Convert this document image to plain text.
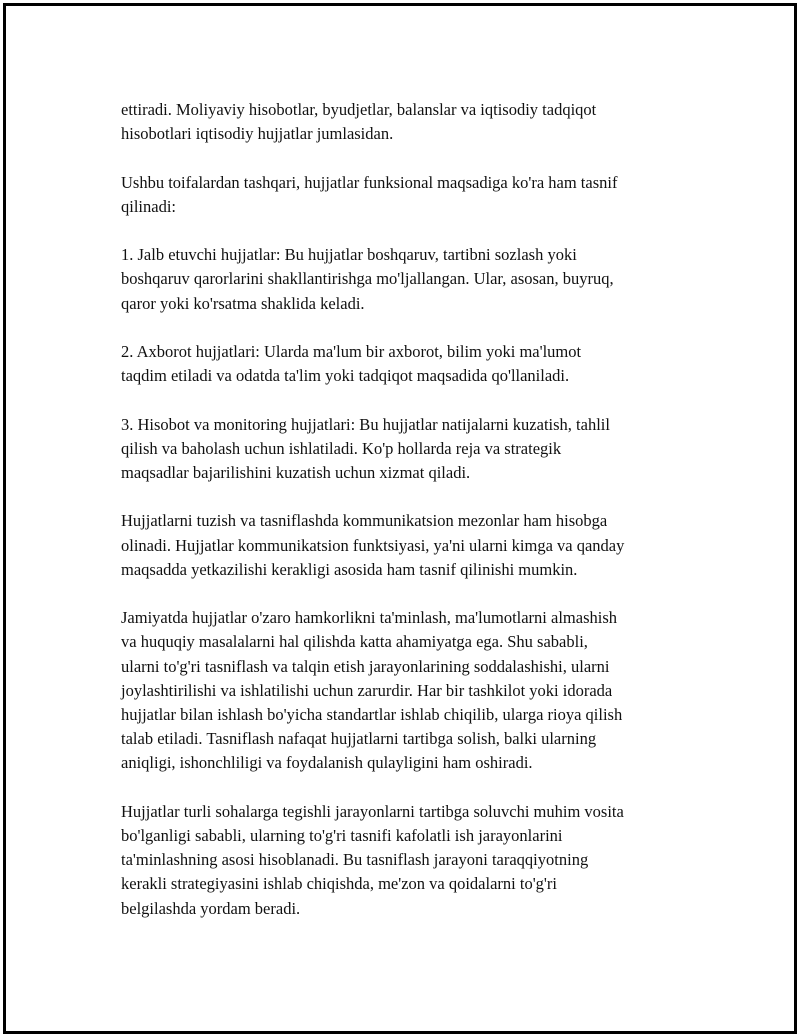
ettiradi. Moliyaviy hisobotlar, byudjetlar, balanslar va iqtisodiy tadqiqot
hisobotlari iqtisodiy hujjatlar jumlasidan.

Ushbu toifalardan tashqari, hujjatlar funksional maqsadiga ko'ra ham tasnif
qilinadi:

1. Jalb etuvchi hujjatlar: Bu hujjatlar boshqaruv, tartibni sozlash yoki
boshqaruv qarorlarini shakllantirishga mo'ljallangan. Ular, asosan, buyruq,
qaror yoki ko'rsatma shaklida keladi.

2. Axborot hujjatlari: Ularda ma'lum bir axborot, bilim yoki ma'lumot
taqdim etiladi va odatda ta'lim yoki tadqiqot maqsadida qo'llaniladi.

3. Hisobot va monitoring hujjatlari: Bu hujjatlar natijalarni kuzatish, tahlil
qilish va baholash uchun ishlatiladi. Ko'p hollarda reja va strategik
maqsadlar bajarilishini kuzatish uchun xizmat qiladi.

Hujjatlarni tuzish va tasniflashda kommunikatsion mezonlar ham hisobga
olinadi. Hujjatlar kommunikatsion funktsiyasi, ya'ni ularni kimga va qanday
maqsadda yetkazilishi kerakligi asosida ham tasnif qilinishi mumkin.

Jamiyatda hujjatlar o'zaro hamkorlikni ta'minlash, ma'lumotlarni almashish
va huquqiy masalalarni hal qilishda katta ahamiyatga ega. Shu sababli,
ularni to'g'ri tasniflash va talqin etish jarayonlarining soddalashishi, ularni
joylashtirilishi va ishlatilishi uchun zarurdir. Har bir tashkilot yoki idorada
hujjatlar bilan ishlash bo'yicha standartlar ishlab chiqilib, ularga rioya qilish
talab etiladi. Tasniflash nafaqat hujjatlarni tartibga solish, balki ularning
aniqligi, ishonchliligi va foydalanish qulayligini ham oshiradi.

Hujjatlar turli sohalarga tegishli jarayonlarni tartibga soluvchi muhim vosita
bo'lganligi sababli, ularning to'g'ri tasnifi kafolatli ish jarayonlarini
ta'minlashning asosi hisoblanadi. Bu tasniflash jarayoni taraqqiyotning
kerakli strategiyasini ishlab chiqishda, me'zon va qoidalarni to'g'ri
belgilashda yordam beradi.
